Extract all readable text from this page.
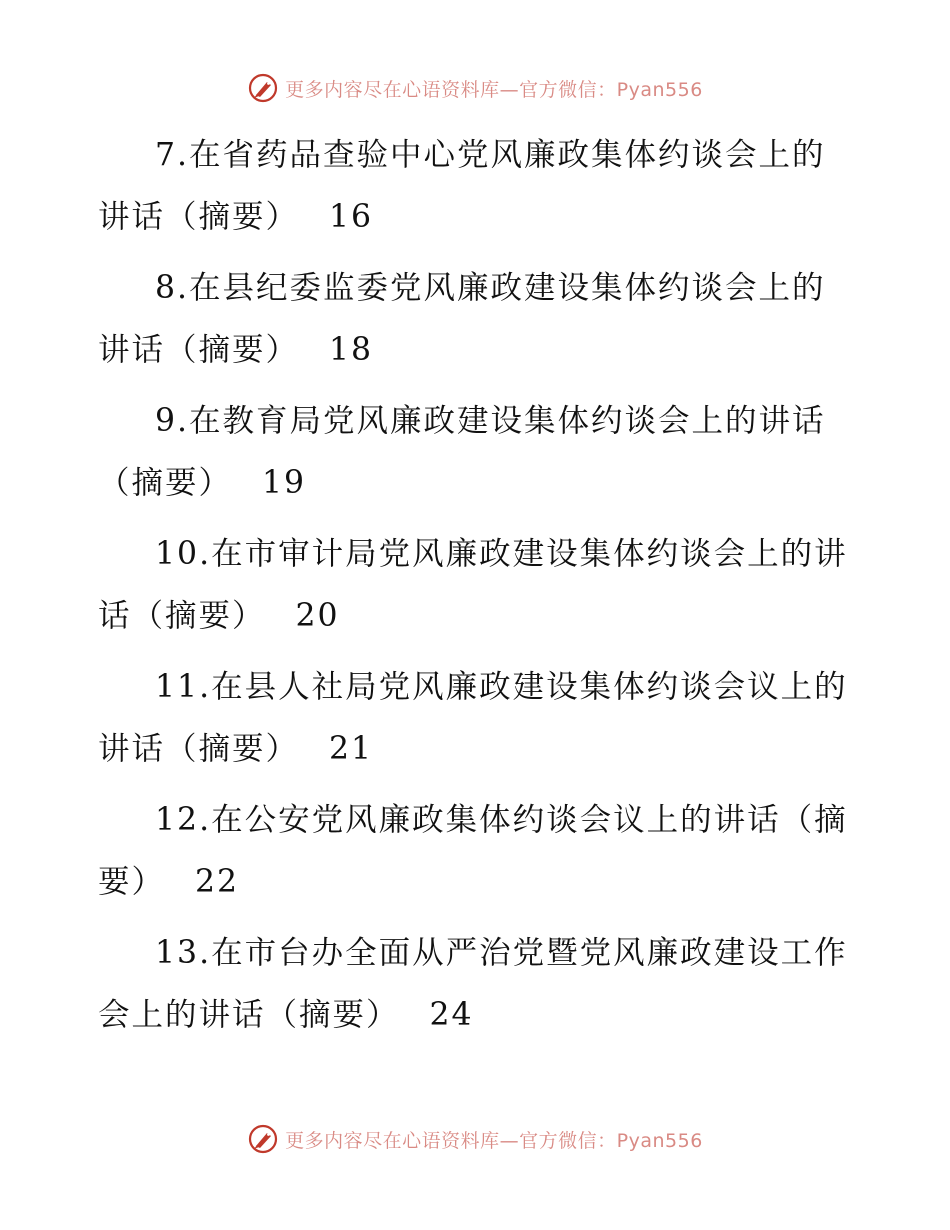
更多内容尽在心语资料库—官方微信：Pyan556
7.在省药品查验中心党风廉政集体约谈会上的讲话（摘要） 16
8.在县纪委监委党风廉政建设集体约谈会上的讲话（摘要） 18
9.在教育局党风廉政建设集体约谈会上的讲话（摘要） 19
10.在市审计局党风廉政建设集体约谈会上的讲话（摘要） 20
11.在县人社局党风廉政建设集体约谈会议上的讲话（摘要） 21
12.在公安党风廉政集体约谈会议上的讲话（摘要） 22
13.在市台办全面从严治党暨党风廉政建设工作会上的讲话（摘要） 24
更多内容尽在心语资料库—官方微信：Pyan556
